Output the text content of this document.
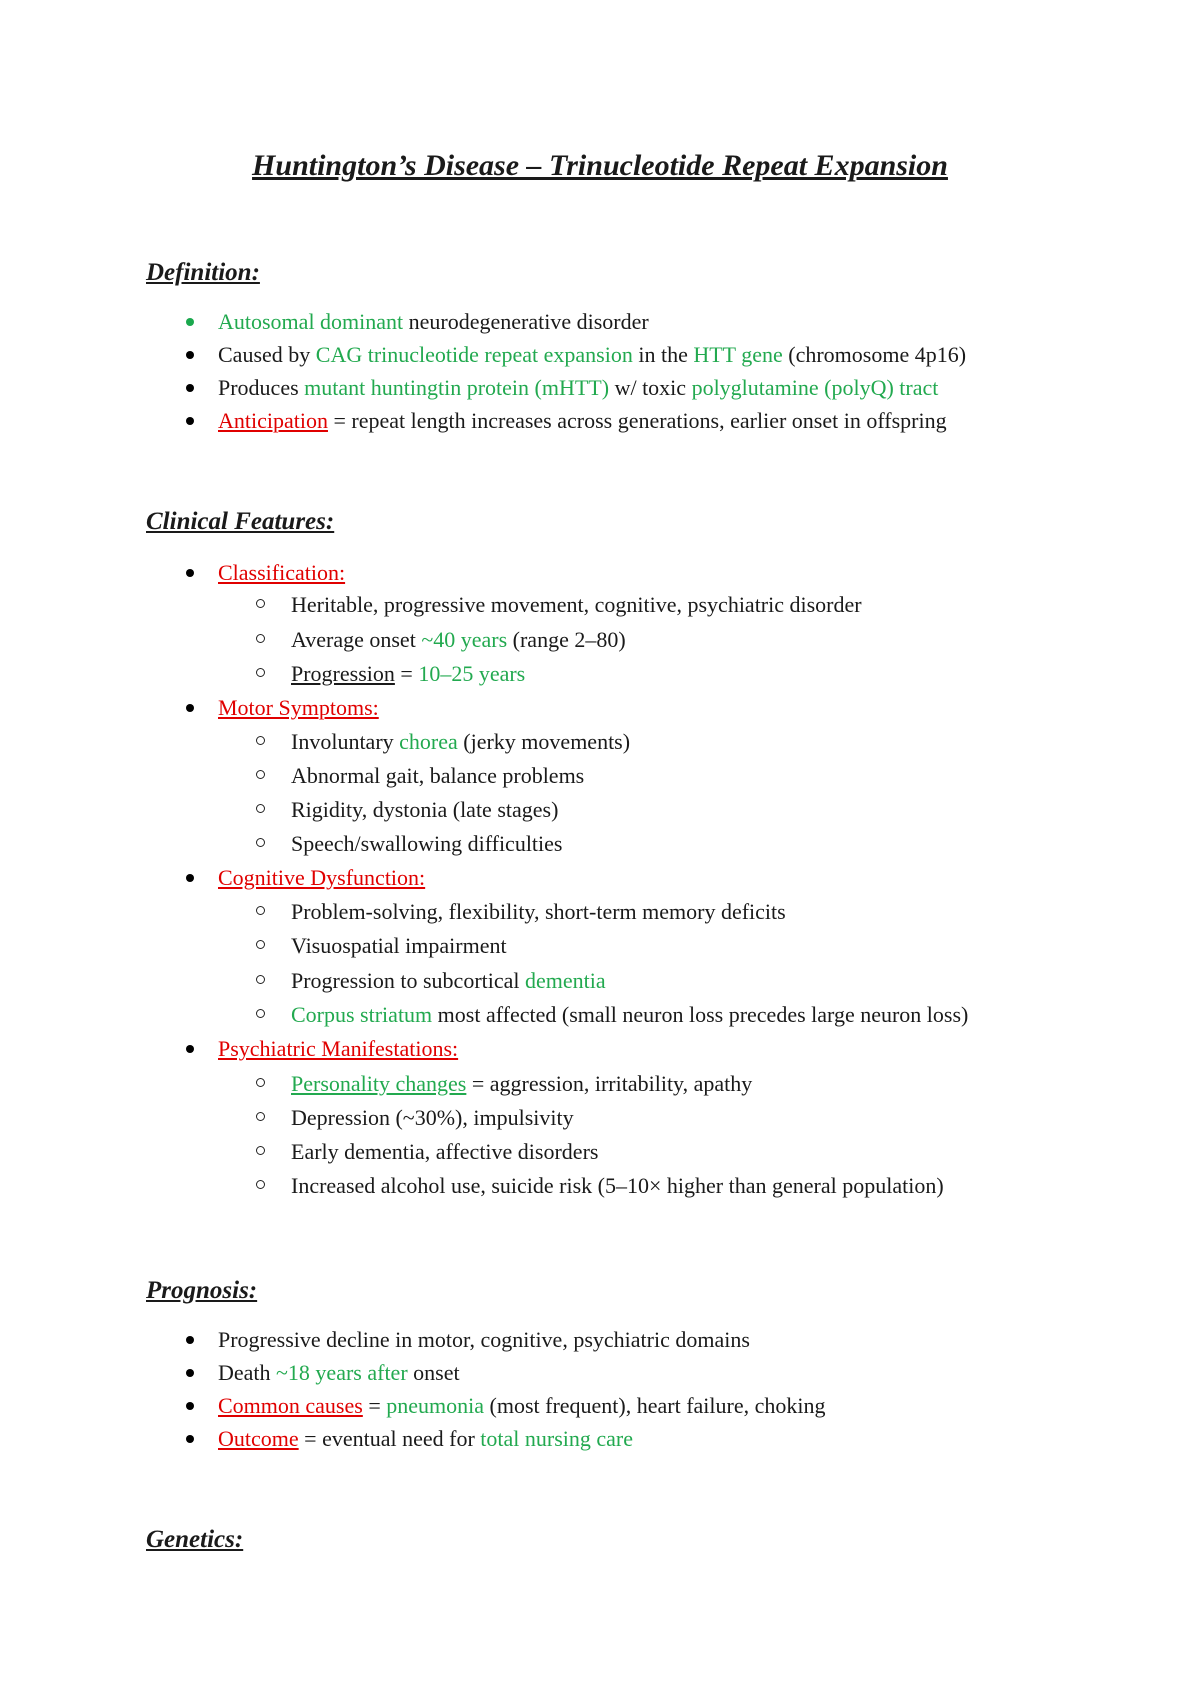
Huntington’s Disease – Trinucleotide Repeat Expansion
Definition:
Autosomal dominant neurodegenerative disorder
Caused by CAG trinucleotide repeat expansion in the HTT gene (chromosome 4p16)
Produces mutant huntingtin protein (mHTT) w/ toxic polyglutamine (polyQ) tract
Anticipation = repeat length increases across generations, earlier onset in offspring
Clinical Features:
Classification:
Heritable, progressive movement, cognitive, psychiatric disorder
Average onset ~40 years (range 2–80)
Progression = 10–25 years
Motor Symptoms:
Involuntary chorea (jerky movements)
Abnormal gait, balance problems
Rigidity, dystonia (late stages)
Speech/swallowing difficulties
Cognitive Dysfunction:
Problem-solving, flexibility, short-term memory deficits
Visuospatial impairment
Progression to subcortical dementia
Corpus striatum most affected (small neuron loss precedes large neuron loss)
Psychiatric Manifestations:
Personality changes = aggression, irritability, apathy
Depression (~30%), impulsivity
Early dementia, affective disorders
Increased alcohol use, suicide risk (5–10× higher than general population)
Prognosis:
Progressive decline in motor, cognitive, psychiatric domains
Death ~18 years after onset
Common causes = pneumonia (most frequent), heart failure, choking
Outcome = eventual need for total nursing care
Genetics:
